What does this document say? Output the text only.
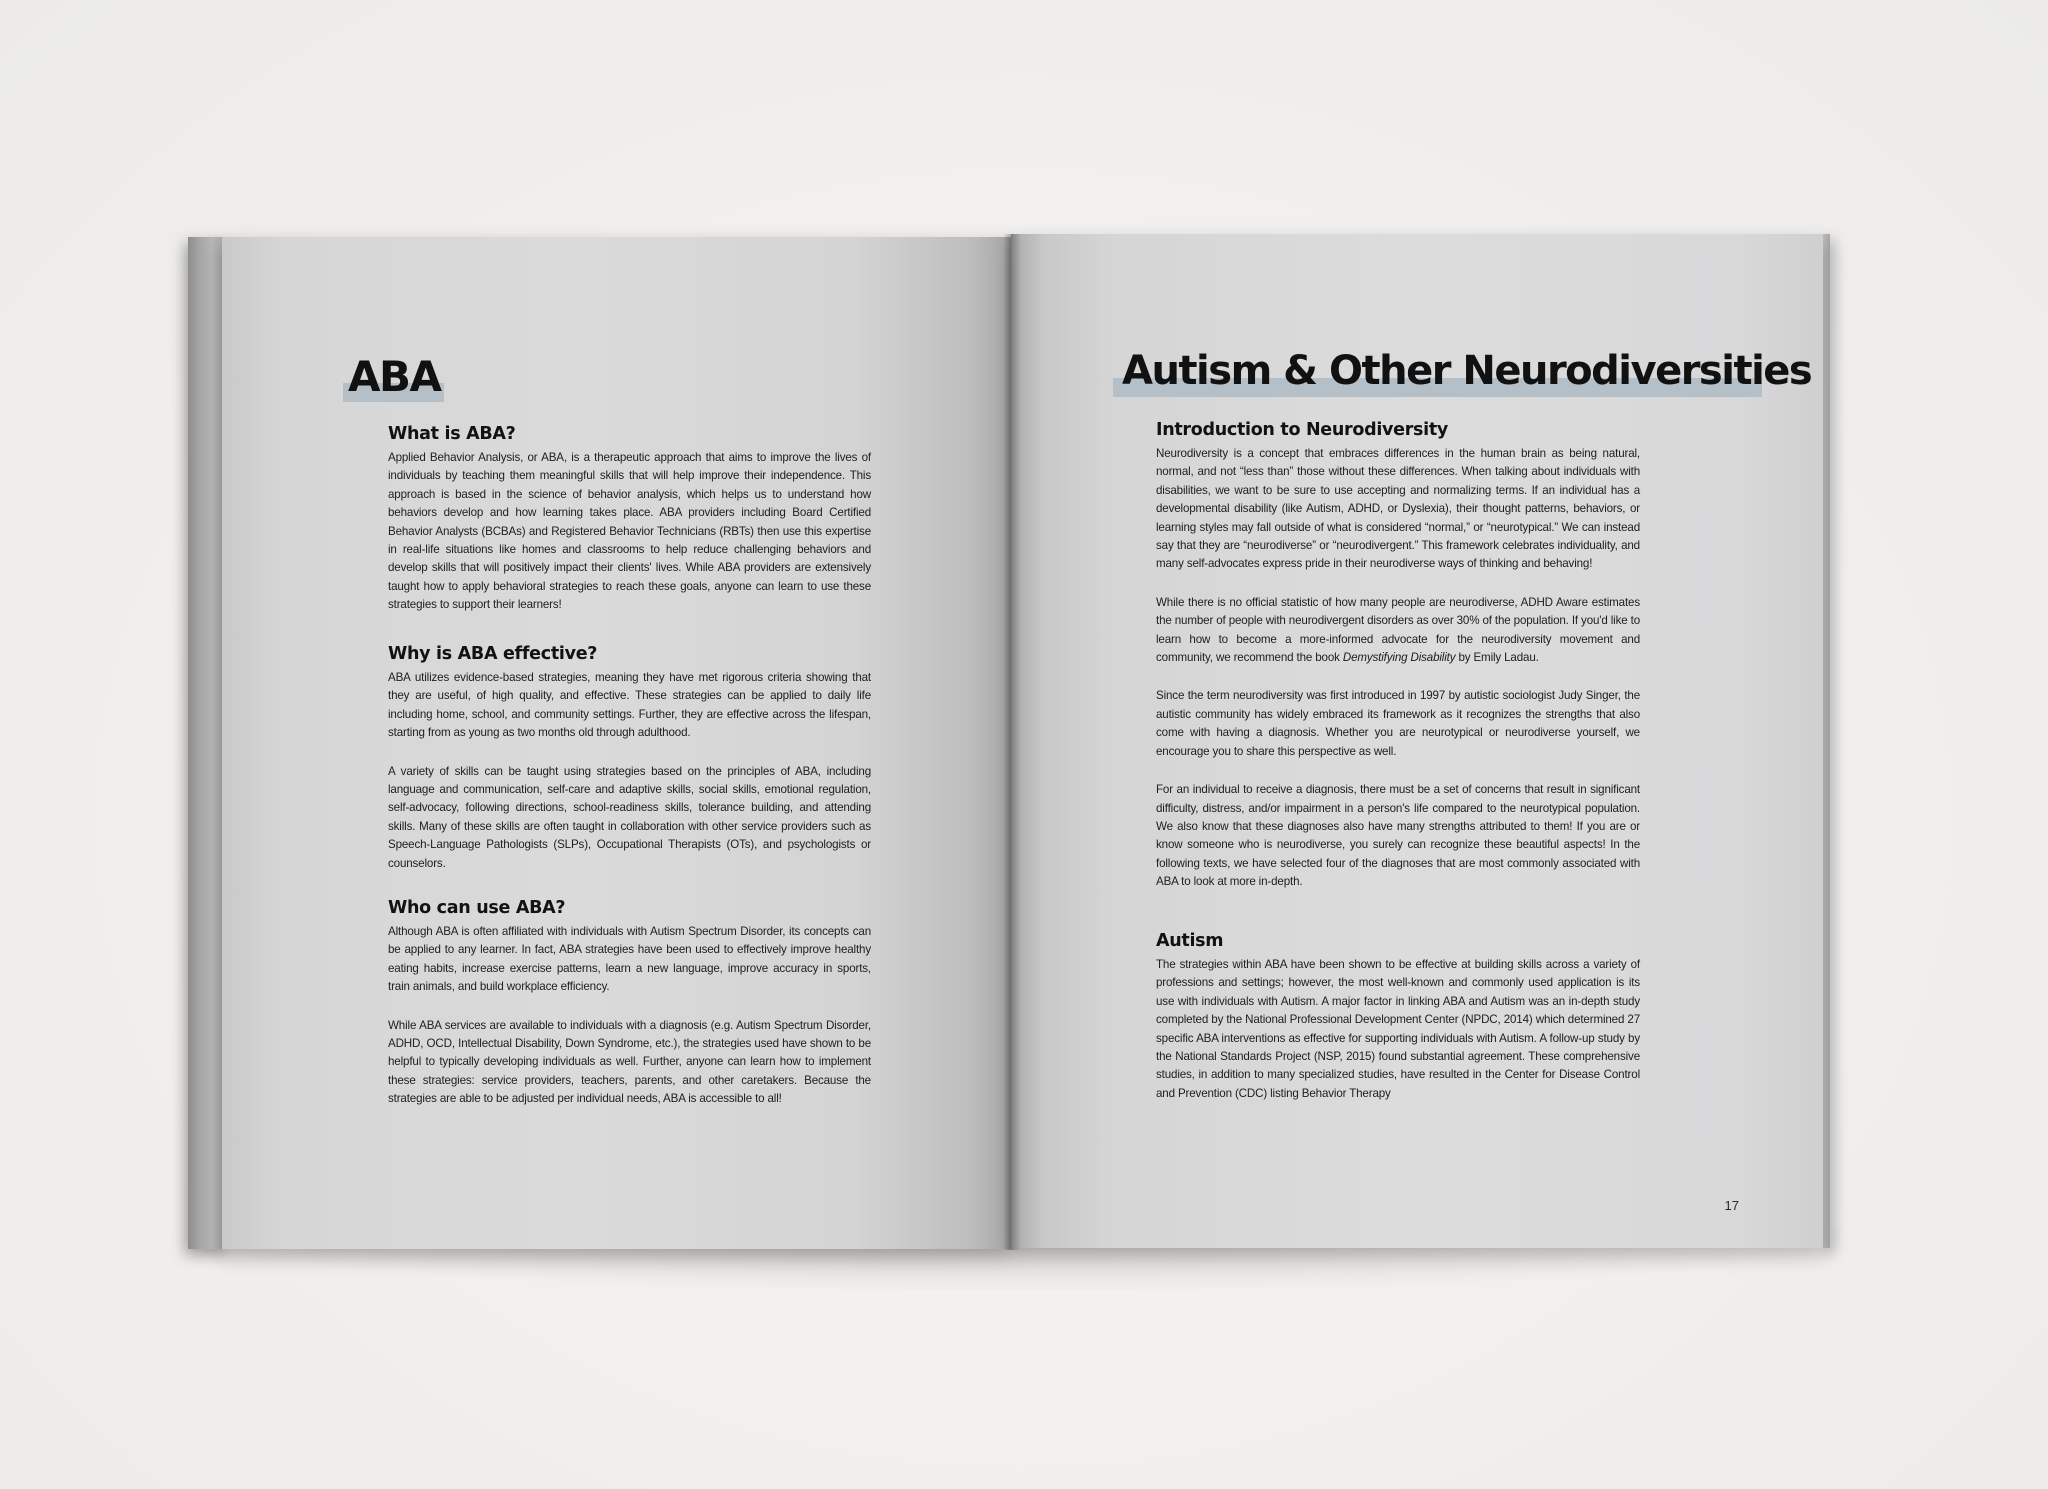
ABA
What is ABA?

Applied Behavior Analysis, or ABA, is a therapeutic approach that aims to improve the lives of individuals by teaching them meaningful skills that will help improve their independence. This approach is based in the science of behavior analysis, which helps us to understand how behaviors develop and how learning takes place. ABA providers including Board Certified Behavior Analysts (BCBAs) and Registered Behavior Technicians (RBTs) then use this expertise in real-life situations like homes and classrooms to help reduce challenging behaviors and develop skills that will positively impact their clients' lives. While ABA providers are extensively taught how to apply behavioral strategies to reach these goals, anyone can learn to use these strategies to support their learners!

Why is ABA effective?

ABA utilizes evidence-based strategies, meaning they have met rigorous criteria showing that they are useful, of high quality, and effective. These strategies can be applied to daily life including home, school, and community settings. Further, they are effective across the lifespan, starting from as young as two months old through adulthood.

A variety of skills can be taught using strategies based on the principles of ABA, including language and communication, self-care and adaptive skills, social skills, emotional regulation, self-advocacy, following directions, school-readiness skills, tolerance building, and attending skills. Many of these skills are often taught in collaboration with other service providers such as Speech-Language Pathologists (SLPs), Occupational Therapists (OTs), and psychologists or counselors.

Who can use ABA?

Although ABA is often affiliated with individuals with Autism Spectrum Disorder, its concepts can be applied to any learner. In fact, ABA strategies have been used to effectively improve healthy eating habits, increase exercise patterns, learn a new language, improve accuracy in sports, train animals, and build workplace efficiency.

While ABA services are available to individuals with a diagnosis (e.g. Autism Spectrum Disorder, ADHD, OCD, Intellectual Disability, Down Syndrome, etc.), the strategies used have shown to be helpful to typically developing individuals as well. Further, anyone can learn how to implement these strategies: service providers, teachers, parents, and other caretakers. Because the strategies are able to be adjusted per individual needs, ABA is accessible to all!

Autism & Other Neurodiversities
Introduction to Neurodiversity

Neurodiversity is a concept that embraces differences in the human brain as being natural, normal, and not “less than” those without these differences. When talking about individuals with disabilities, we want to be sure to use accepting and normalizing terms. If an individual has a developmental disability (like Autism, ADHD, or Dyslexia), their thought patterns, behaviors, or learning styles may fall outside of what is considered “normal,” or “neurotypical.” We can instead say that they are “neurodiverse” or “neurodivergent.” This framework celebrates individuality, and many self-advocates express pride in their neurodiverse ways of thinking and behaving!

While there is no official statistic of how many people are neurodiverse, ADHD Aware estimates the number of people with neurodivergent disorders as over 30% of the population. If you'd like to learn how to become a more-informed advocate for the neurodiversity movement and community, we recommend the book Demystifying Disability by Emily Ladau.

Since the term neurodiversity was first introduced in 1997 by autistic sociologist Judy Singer, the autistic community has widely embraced its framework as it recognizes the strengths that also come with having a diagnosis. Whether you are neurotypical or neurodiverse yourself, we encourage you to share this perspective as well.

For an individual to receive a diagnosis, there must be a set of concerns that result in significant difficulty, distress, and/or impairment in a person's life compared to the neurotypical population. We also know that these diagnoses also have many strengths attributed to them! If you are or know someone who is neurodiverse, you surely can recognize these beautiful aspects! In the following texts, we have selected four of the diagnoses that are most commonly associated with ABA to look at more in-depth.

Autism

The strategies within ABA have been shown to be effective at building skills across a variety of professions and settings; however, the most well-known and commonly used application is its use with individuals with Autism. A major factor in linking ABA and Autism was an in-depth study completed by the National Professional Development Center (NPDC, 2014) which determined 27 specific ABA interventions as effective for supporting individuals with Autism. A follow-up study by the National Standards Project (NSP, 2015) found substantial agreement. These comprehensive studies, in addition to many specialized studies, have resulted in the Center for Disease Control and Prevention (CDC) listing Behavior Therapy

17
